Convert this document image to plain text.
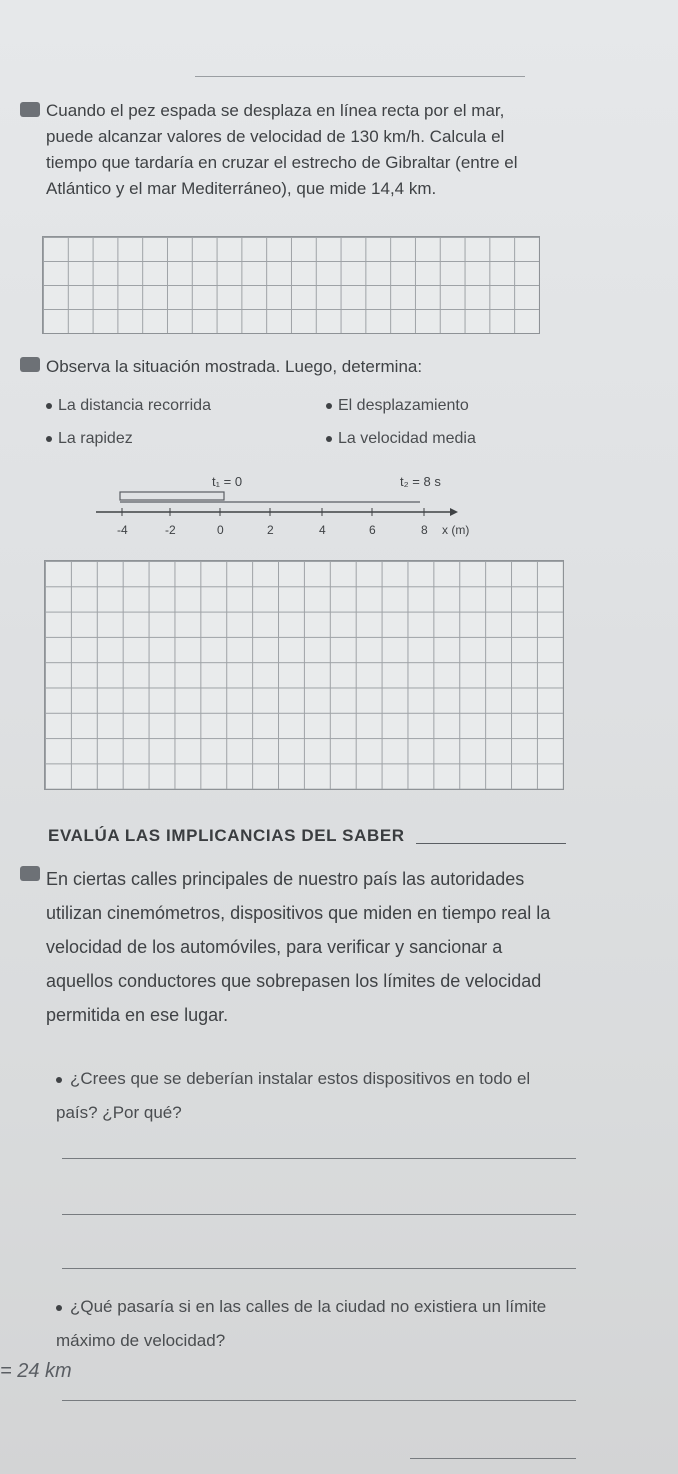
Cuando el pez espada se desplaza en línea recta por el mar, puede alcanzar valores de velocidad de 130 km/h. Calcula el tiempo que tardaría en cruzar el estrecho de Gibraltar (entre el Atlántico y el mar Mediterráneo), que mide 14,4 km.
Observa la situación mostrada. Luego, determina:
La distancia recorrida	El desplazamiento
La rapidez	La velocidad media
t₁ = 0	t₂ = 8 s
-4	-2	0	2	4	6	8 x (m)
EVALÚA LAS IMPLICANCIAS DEL SABER
En ciertas calles principales de nuestro país las autoridades utilizan cinemómetros, dispositivos que miden en tiempo real la velocidad de los automóviles, para verificar y sancionar a aquellos conductores que sobrepasen los límites de velocidad permitida en ese lugar.
¿Crees que se deberían instalar estos dispositivos en todo el país? ¿Por qué?
¿Qué pasaría si en las calles de la ciudad no existiera un límite máximo de velocidad?
= 24 km
